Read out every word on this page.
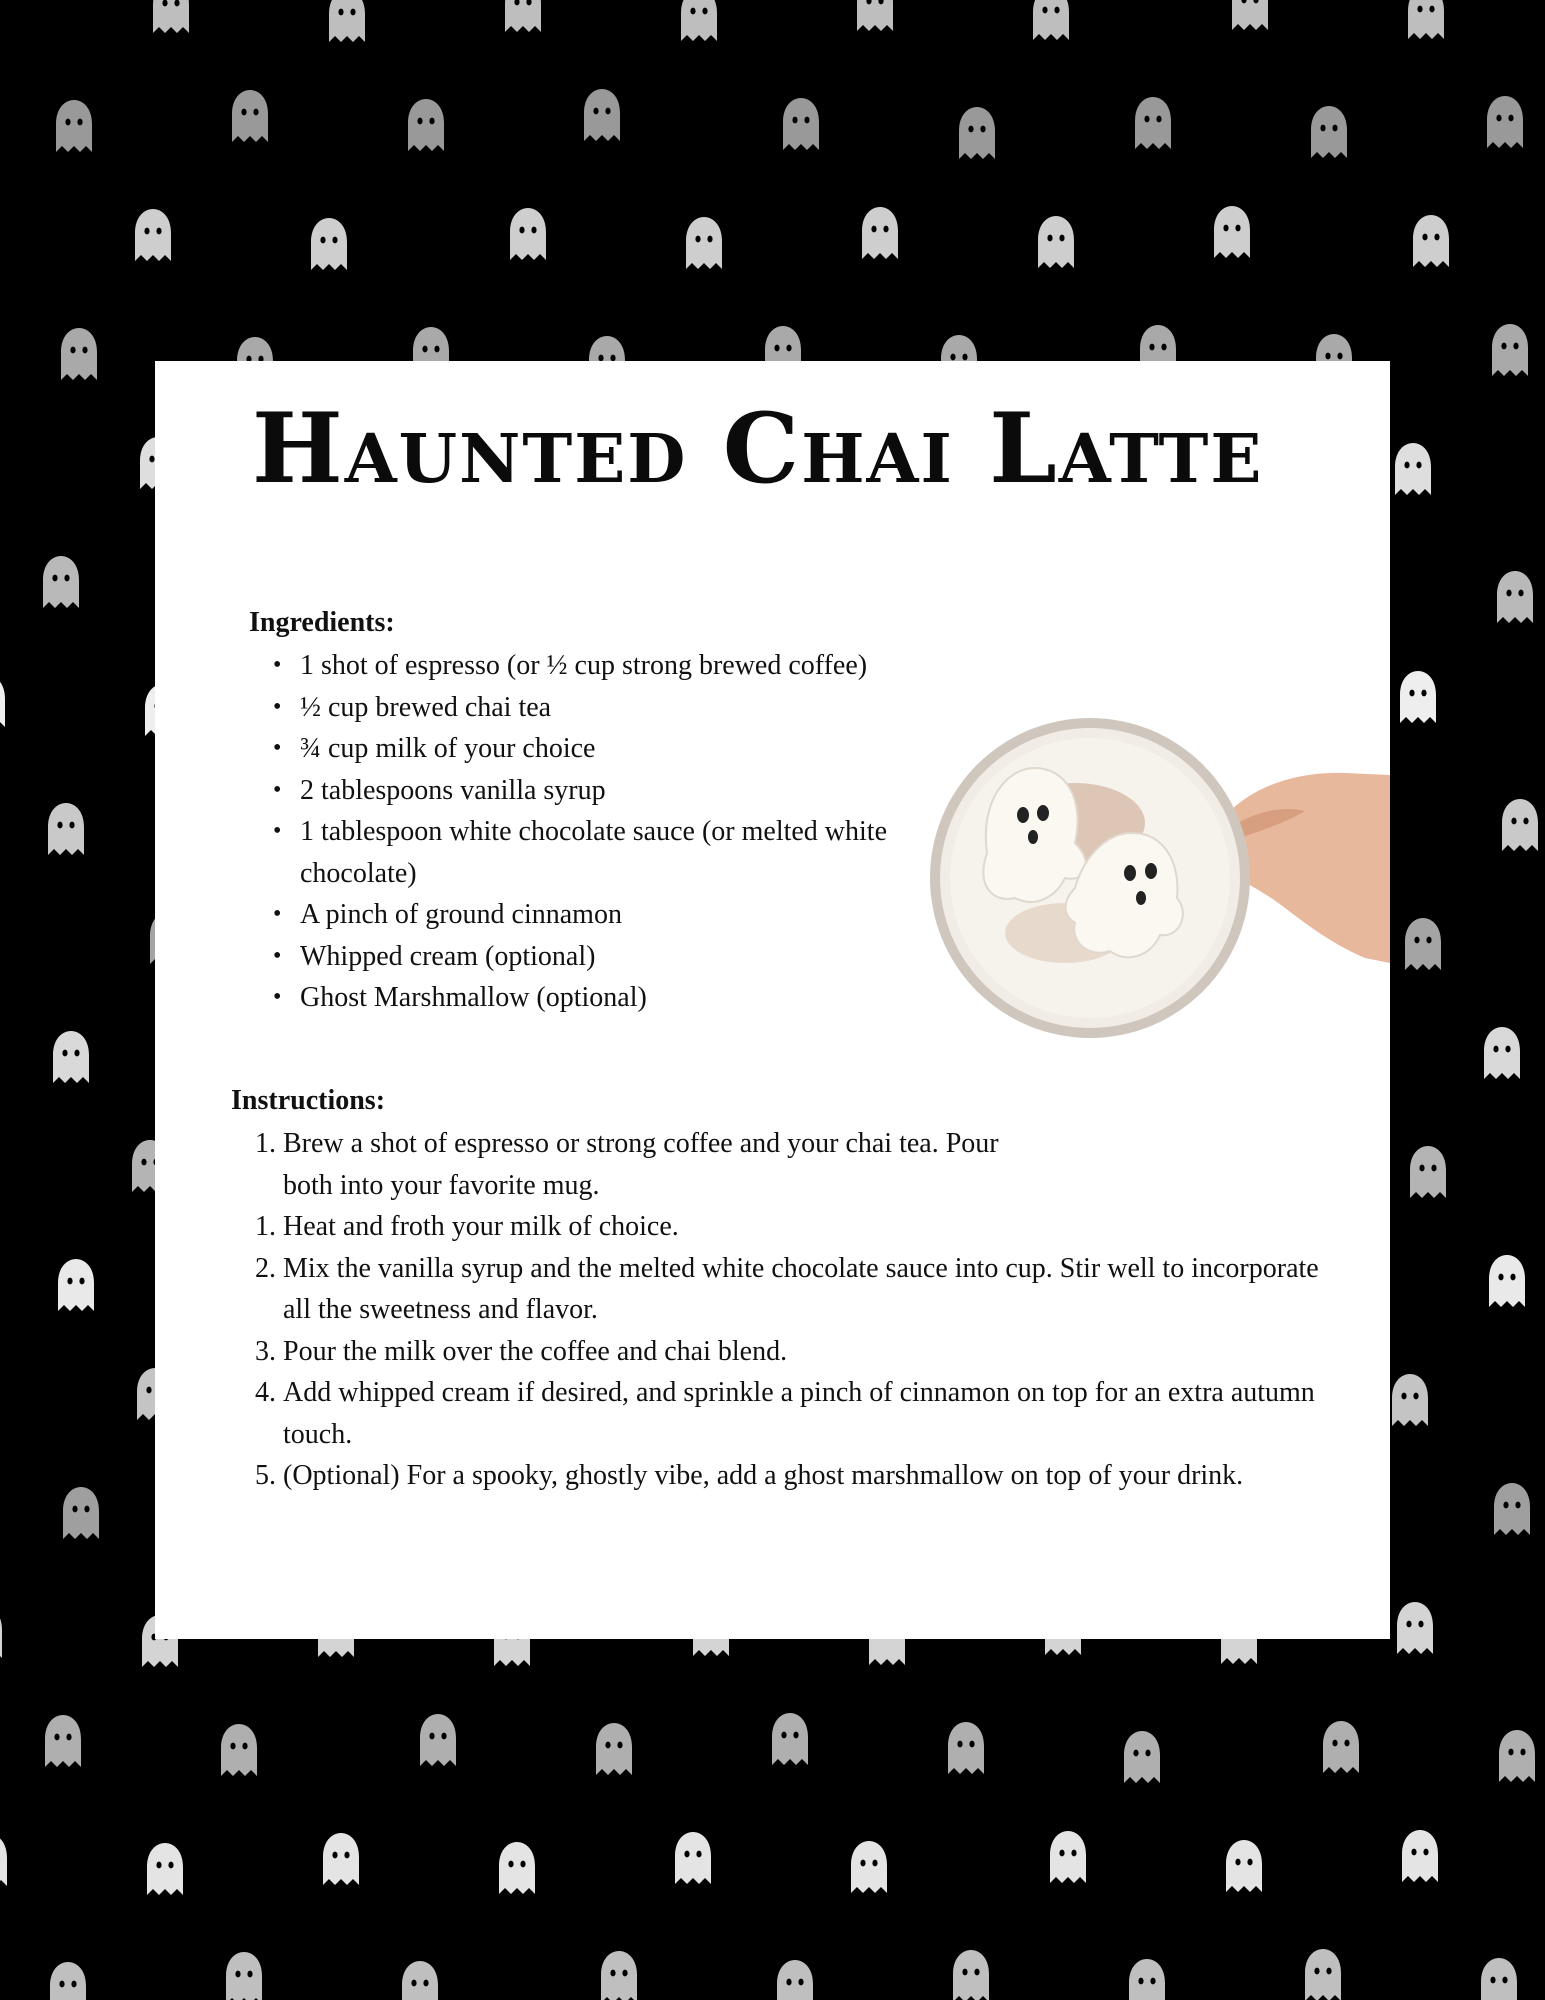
Haunted Chai Latte
Ingredients:
• 1 shot of espresso (or ½ cup strong brewed coffee)
• ½ cup brewed chai tea
• ¾ cup milk of your choice
• 2 tablespoons vanilla syrup
• 1 tablespoon white chocolate sauce (or melted white chocolate)
• A pinch of ground cinnamon
• Whipped cream (optional)
• Ghost Marshmallow (optional)
Instructions:
1. Brew a shot of espresso or strong coffee and your chai tea. Pour both into your favorite mug.
1. Heat and froth your milk of choice.
2. Mix the vanilla syrup and the melted white chocolate sauce into cup. Stir well to incorporate all the sweetness and flavor.
3. Pour the milk over the coffee and chai blend.
4. Add whipped cream if desired, and sprinkle a pinch of cinnamon on top for an extra autumn touch.
5. (Optional) For a spooky, ghostly vibe, add a ghost marshmallow on top of your drink.
